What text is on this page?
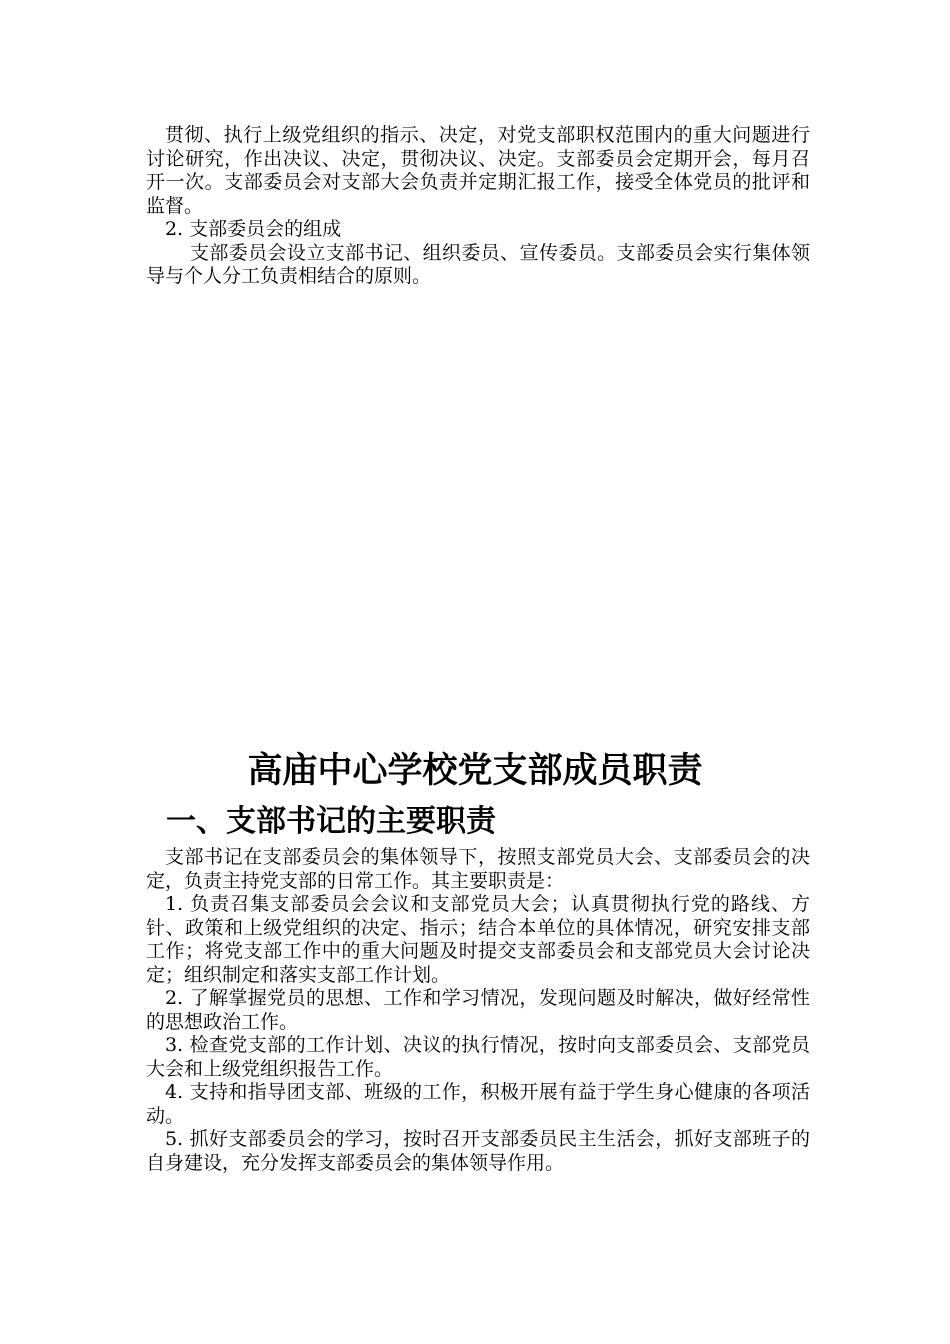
贯彻、执行上级党组织的指示、决定，对党支部职权范围内的重大问题进行讨论研究，作出决议、决定，贯彻决议、决定。支部委员会定期开会，每月召开一次。支部委员会对支部大会负责并定期汇报工作，接受全体党员的批评和监督。

2. 支部委员会的组成

支部委员会设立支部书记、组织委员、宣传委员。支部委员会实行集体领导与个人分工负责相结合的原则。

高庙中心学校党支部成员职责
一、支部书记的主要职责

支部书记在支部委员会的集体领导下，按照支部党员大会、支部委员会的决定，负责主持党支部的日常工作。其主要职责是：

1. 负责召集支部委员会会议和支部党员大会；认真贯彻执行党的路线、方针、政策和上级党组织的决定、指示；结合本单位的具体情况，研究安排支部工作；将党支部工作中的重大问题及时提交支部委员会和支部党员大会讨论决定；组织制定和落实支部工作计划。

2. 了解掌握党员的思想、工作和学习情况，发现问题及时解决，做好经常性的思想政治工作。

3. 检查党支部的工作计划、决议的执行情况，按时向支部委员会、支部党员大会和上级党组织报告工作。

4. 支持和指导团支部、班级的工作，积极开展有益于学生身心健康的各项活动。

5. 抓好支部委员会的学习，按时召开支部委员民主生活会，抓好支部班子的自身建设，充分发挥支部委员会的集体领导作用。
